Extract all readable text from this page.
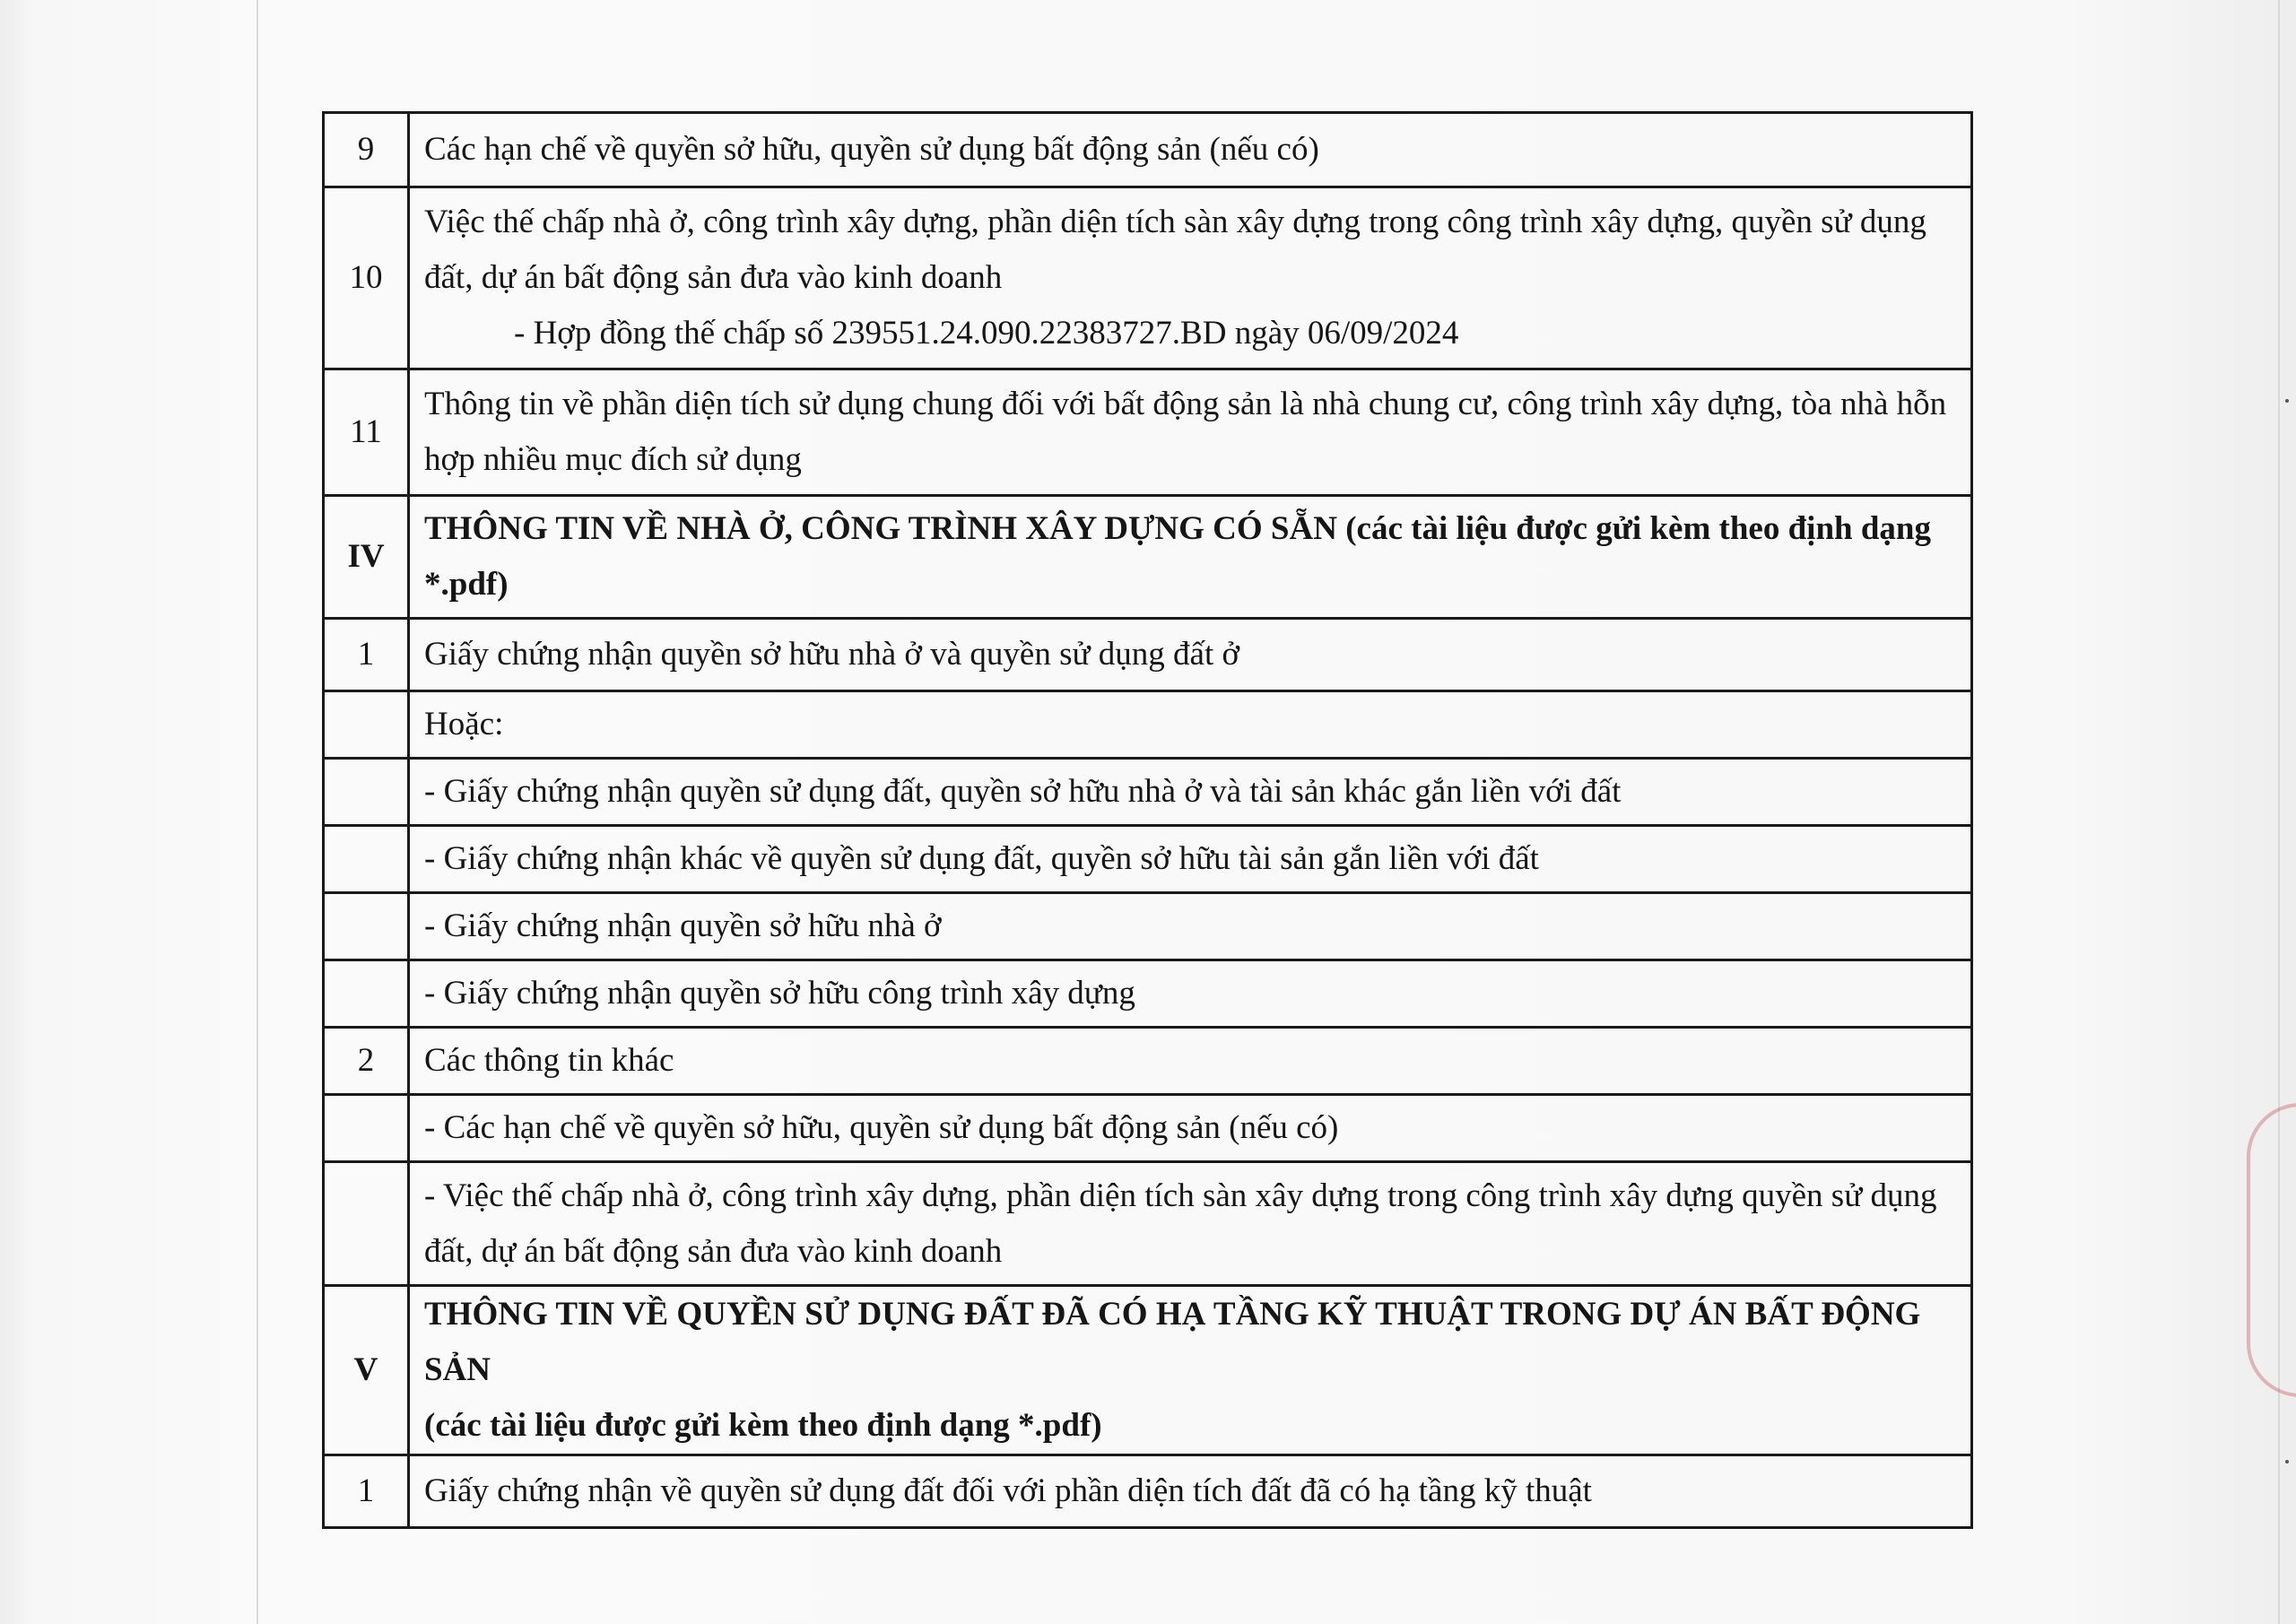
9	Các hạn chế về quyền sở hữu, quyền sử dụng bất động sản (nếu có)
10	Việc thế chấp nhà ở, công trình xây dựng, phần diện tích sàn xây dựng trong công trình xây dựng, quyền sử dụng đất, dự án bất động sản đưa vào kinh doanh
- Hợp đồng thế chấp số 239551.24.090.22383727.BD ngày 06/09/2024

11	Thông tin về phần diện tích sử dụng chung đối với bất động sản là nhà chung cư, công trình xây dựng, tòa nhà hỗn hợp nhiều mục đích sử dụng
IV	THÔNG TIN VỀ NHÀ Ở, CÔNG TRÌNH XÂY DỰNG CÓ SẴN (các tài liệu được gửi kèm theo định dạng *.pdf)
1	Giấy chứng nhận quyền sở hữu nhà ở và quyền sử dụng đất ở
	Hoặc:
	- Giấy chứng nhận quyền sử dụng đất, quyền sở hữu nhà ở và tài sản khác gắn liền với đất
	- Giấy chứng nhận khác về quyền sử dụng đất, quyền sở hữu tài sản gắn liền với đất
	- Giấy chứng nhận quyền sở hữu nhà ở
	- Giấy chứng nhận quyền sở hữu công trình xây dựng
2	Các thông tin khác
	- Các hạn chế về quyền sở hữu, quyền sử dụng bất động sản (nếu có)
	- Việc thế chấp nhà ở, công trình xây dựng, phần diện tích sàn xây dựng trong công trình xây dựng quyền sử dụng đất, dự án bất động sản đưa vào kinh doanh
V	THÔNG TIN VỀ QUYỀN SỬ DỤNG ĐẤT ĐÃ CÓ HẠ TẦNG KỸ THUẬT TRONG DỰ ÁN BẤT ĐỘNG SẢN
(các tài liệu được gửi kèm theo định dạng *.pdf)

1	Giấy chứng nhận về quyền sử dụng đất đối với phần diện tích đất đã có hạ tầng kỹ thuật
